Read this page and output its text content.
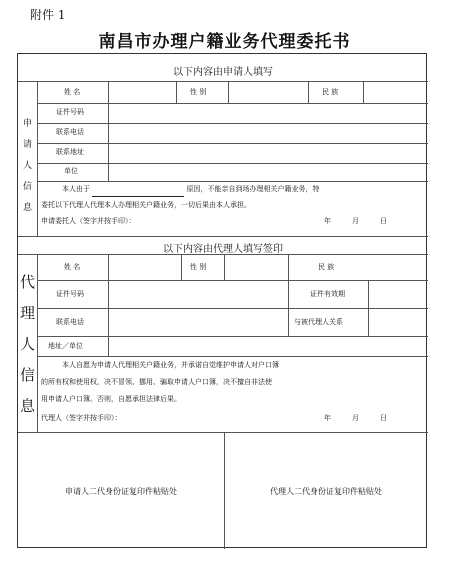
附件 1
南昌市办理户籍业务代理委托书
以下内容由申请人填写
申
请
人
信
息
姓 名	性 别	民 族
证件号码
联系电话
联系地址
单位
本人由于	原因，不能亲自到场办理相关户籍业务，特
委托以下代理人代理本人办理相关户籍业务，一切后果由本人承担。
申请委托人（签字并按手印）：	年	月	日
以下内容由代理人填写签印
代
理
人
信
息
姓 名	性 别	民 族
证件号码	证件有效期
联系电话	与被代理人关系
地址／单位
本人自愿为申请人代理相关户籍业务，并承诺自觉维护申请人对户口簿
的所有权和使用权，决不冒领、挪用、骗取申请人户口簿，决不擅自非法使
用申请人户口簿。否则，自愿承担法律后果。
代理人（签字并按手印）：	年	月	日
申请人二代身份证复印件粘贴处	代理人二代身份证复印件粘贴处
